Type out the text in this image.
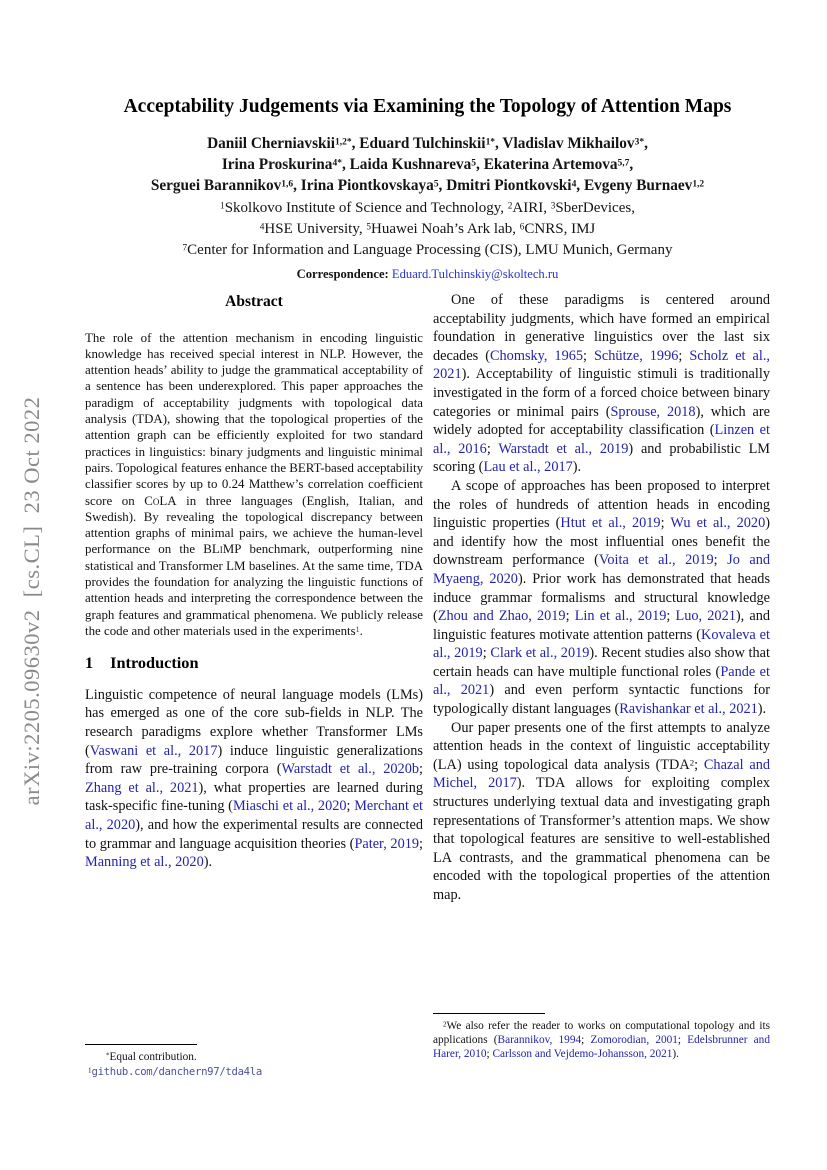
arXiv:2205.09630v2  [cs.CL]  23 Oct 2022
Acceptability Judgements via Examining the Topology of Attention Maps
Daniil Cherniavskii$^{1,2*}$, Eduard Tulchinskii$^{1*}$, Vladislav Mikhailov$^{3*}$,
Irina Proskurina$^{4*}$, Laida Kushnareva$^5$, Ekaterina Artemova$^{5,7}$,
Serguei Barannikov$^{1,6}$, Irina Piontkovskaya$^5$, Dmitri Piontkovski$^4$, Evgeny Burnaev$^{1,2}$
$^1$Skolkovo Institute of Science and Technology, $^2$AIRI, $^3$SberDevices,
$^4$HSE University, $^5$Huawei Noah’s Ark lab, $^6$CNRS, IMJ
$^7$Center for Information and Language Processing (CIS), LMU Munich, Germany
Correspondence: Eduard.Tulchinskiy@skoltech.ru
Abstract

The role of the attention mechanism in encoding linguistic knowledge has received special interest in NLP. However, the attention heads’ ability to judge the grammatical acceptability of a sentence has been underexplored. This paper approaches the paradigm of acceptability judgments with topological data analysis (TDA), showing that the topological properties of the attention graph can be efficiently exploited for two standard practices in linguistics: binary judgments and linguistic minimal pairs. Topological features enhance the BERT-based acceptability classifier scores by up to 0.24 Matthew’s correlation coefficient score on CoLA in three languages (English, Italian, and Swedish). By revealing the topological discrepancy between attention graphs of minimal pairs, we achieve the human-level performance on the BLiMP benchmark, outperforming nine statistical and Transformer LM baselines. At the same time, TDA provides the foundation for analyzing the linguistic functions of attention heads and interpreting the correspondence between the graph features and grammatical phenomena. We publicly release the code and other materials used in the experiments$^1$.

1 Introduction

Linguistic competence of neural language models (LMs) has emerged as one of the core sub-fields in NLP. The research paradigms explore whether Transformer LMs (Vaswani et al., 2017) induce linguistic generalizations from raw pre-training corpora (Warstadt et al., 2020b; Zhang et al., 2021), what properties are learned during task-specific fine-tuning (Miaschi et al., 2020; Merchant et al., 2020), and how the experimental results are connected to grammar and language acquisition theories (Pater, 2019; Manning et al., 2020).

*Equal contribution.

$^1$github.com/danchern97/tda4la

One of these paradigms is centered around acceptability judgments, which have formed an empirical foundation in generative linguistics over the last six decades (Chomsky, 1965; Schütze, 1996; Scholz et al., 2021). Acceptability of linguistic stimuli is traditionally investigated in the form of a forced choice between binary categories or minimal pairs (Sprouse, 2018), which are widely adopted for acceptability classification (Linzen et al., 2016; Warstadt et al., 2019) and probabilistic LM scoring (Lau et al., 2017).

A scope of approaches has been proposed to interpret the roles of hundreds of attention heads in encoding linguistic properties (Htut et al., 2019; Wu et al., 2020) and identify how the most influential ones benefit the downstream performance (Voita et al., 2019; Jo and Myaeng, 2020). Prior work has demonstrated that heads induce grammar formalisms and structural knowledge (Zhou and Zhao, 2019; Lin et al., 2019; Luo, 2021), and linguistic features motivate attention patterns (Kovaleva et al., 2019; Clark et al., 2019). Recent studies also show that certain heads can have multiple functional roles (Pande et al., 2021) and even perform syntactic functions for typologically distant languages (Ravishankar et al., 2021).

Our paper presents one of the first attempts to analyze attention heads in the context of linguistic acceptability (LA) using topological data analysis (TDA$^2$; Chazal and Michel, 2017). TDA allows for exploiting complex structures underlying textual data and investigating graph representations of Transformer’s attention maps. We show that topological features are sensitive to well-established LA contrasts, and the grammatical phenomena can be encoded with the topological properties of the attention map.

$^2$We also refer the reader to works on computational topology and its applications (Barannikov, 1994; Zomorodian, 2001; Edelsbrunner and Harer, 2010; Carlsson and Vejdemo-Johansson, 2021).
